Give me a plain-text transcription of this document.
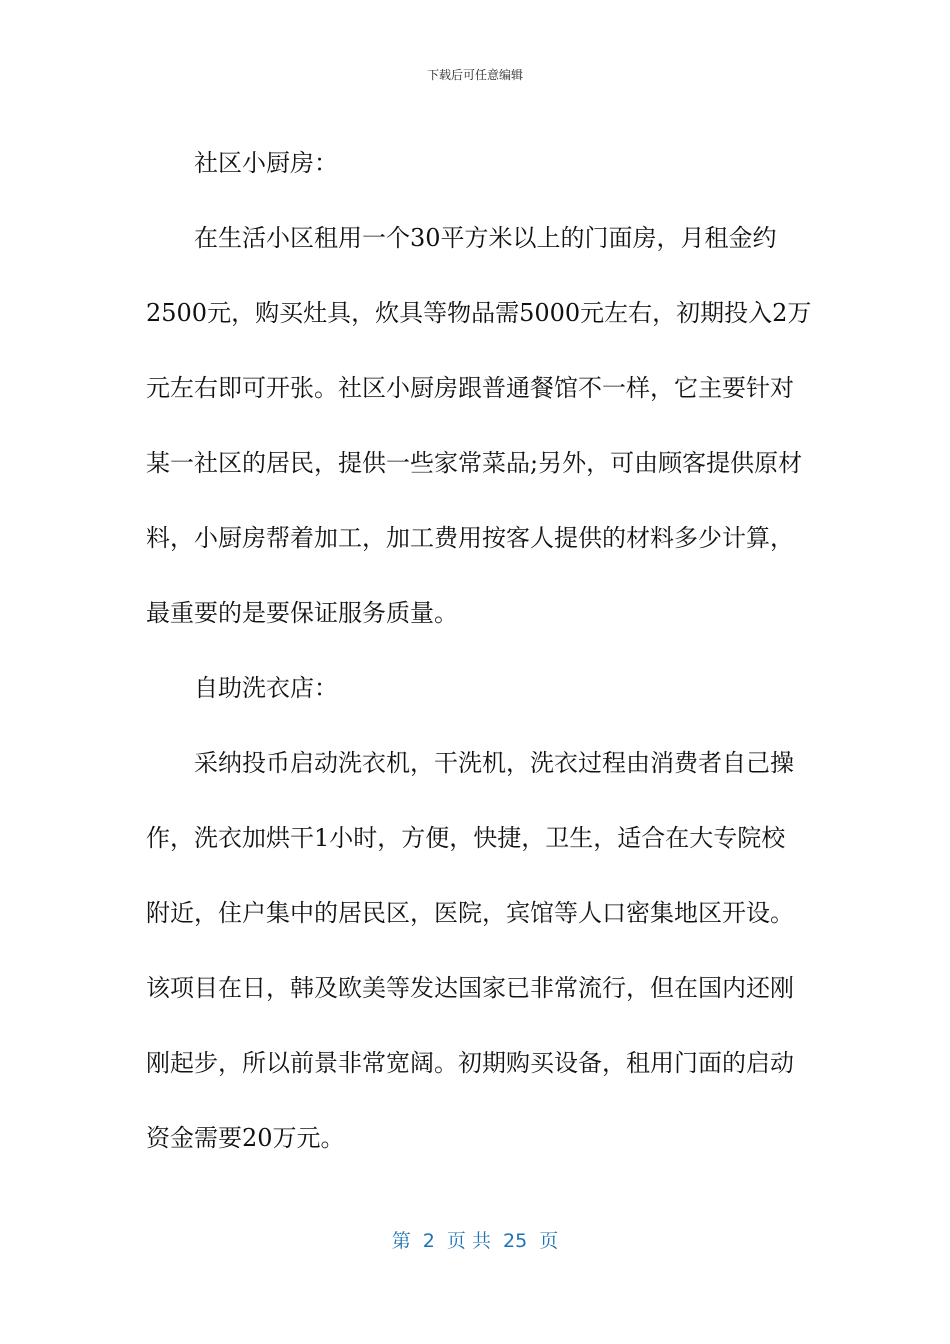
下载后可任意编辑
社区小厨房：
在生活小区租用一个30平方米以上的门面房，月租金约
2500元，购买灶具，炊具等物品需5000元左右，初期投入2万
元左右即可开张。社区小厨房跟普通餐馆不一样，它主要针对
某一社区的居民，提供一些家常菜品;另外，可由顾客提供原材
料，小厨房帮着加工，加工费用按客人提供的材料多少计算，
最重要的是要保证服务质量。
自助洗衣店：
采纳投币启动洗衣机，干洗机，洗衣过程由消费者自己操
作，洗衣加烘干1小时，方便，快捷，卫生，适合在大专院校
附近，住户集中的居民区，医院，宾馆等人口密集地区开设。
该项目在日，韩及欧美等发达国家已非常流行，但在国内还刚
刚起步，所以前景非常宽阔。初期购买设备，租用门面的启动
资金需要20万元。
第  2  页 共  25  页
